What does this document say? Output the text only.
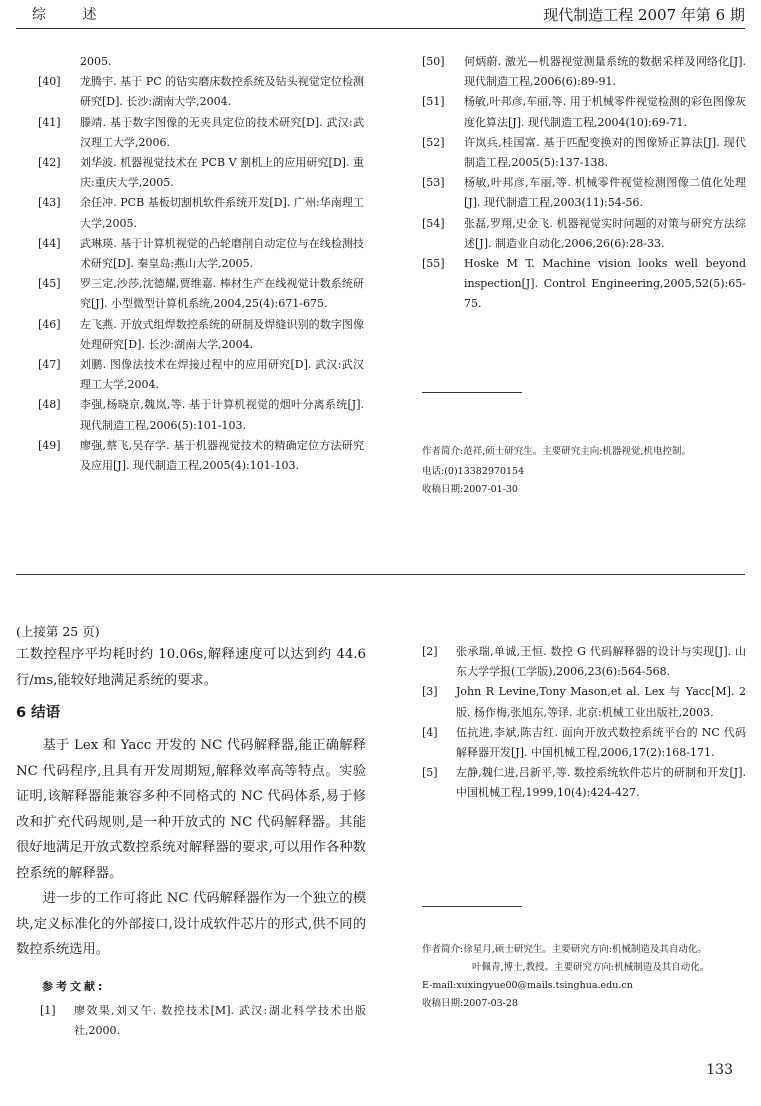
综 述	现代制造工程 2007 年第 6 期
2005.
[40] 龙腾宇. 基于 PC 的钻实磨床数控系统及钻头视觉定位检测研究[D]. 长沙:湖南大学,2004.
[41] 滕靖. 基于数字图像的无夹具定位的技术研究[D]. 武汉:武汉理工大学,2006.
[42] 刘华波. 机器视觉技术在 PCB V 割机上的应用研究[D]. 重庆:重庆大学,2005.
[43] 余任冲. PCB 基板切割机软件系统开发[D]. 广州:华南理工大学,2005.
[44] 武琳瑛. 基于计算机视觉的凸轮磨削自动定位与在线检测技术研究[D]. 秦皇岛:燕山大学,2005.
[45] 罗三定,沙莎,沈德耀,贾维嘉. 棒材生产在线视觉计数系统研究[J]. 小型微型计算机系统,2004,25(4):671-675.
[46] 左飞燕. 开放式组焊数控系统的研制及焊缝识别的数字图像处理研究[D]. 长沙:湖南大学,2004.
[47] 刘鹏. 图像法技术在焊接过程中的应用研究[D]. 武汉:武汉理工大学,2004.
[48] 李强,杨晓京,魏岚,等. 基于计算机视觉的烟叶分离系统[J]. 现代制造工程,2006(5):101-103.
[49] 廖强,蔡飞,吴存学. 基于机器视觉技术的精确定位方法研究及应用[J]. 现代制造工程,2005(4):101-103.
[50] 何炳蔚. 激光—机器视觉测量系统的数据采样及网络化[J]. 现代制造工程,2006(6):89-91.
[51] 杨敏,叶邦彦,车丽,等. 用于机械零件视觉检测的彩色图像灰度化算法[J]. 现代制造工程,2004(10):69-71.
[52] 许岚兵,桂国富. 基于匹配变换对的图像矫正算法[J]. 现代制造工程,2005(5):137-138.
[53] 杨敏,叶邦彦,车丽,等. 机械零件视觉检测图像二值化处理[J]. 现代制造工程,2003(11):54-56.
[54] 张磊,罗翔,史金飞. 机器视觉实时问题的对策与研究方法综述[J]. 制造业自动化,2006,26(6):28-33.
[55] Hoske M T. Machine vision looks well beyond inspection[J]. Control Engineering,2005,52(5):65-75.
作者简介:范祥,硕士研究生。主要研究主向:机器视觉,机电控制。
电话:(0)13382970154
收稿日期:2007-01-30
(上接第 25 页)
工数控程序平均耗时约 10.06s,解释速度可以达到约 44.6 行/ms,能较好地满足系统的要求。
6 结语
基于 Lex 和 Yacc 开发的 NC 代码解释器,能正确解释 NC 代码程序,且具有开发周期短,解释效率高等特点。实验证明,该解释器能兼容多种不同格式的 NC 代码体系,易于修改和扩充代码规则,是一种开放式的 NC 代码解释器。其能很好地满足开放式数控系统对解释器的要求,可以用作各种数控系统的解释器。
进一步的工作可将此 NC 代码解释器作为一个独立的模块,定义标准化的外部接口,设计成软件芯片的形式,供不同的数控系统选用。
参考文献:
[1] 廖效果,刘又午. 数控技术[M]. 武汉:湖北科学技术出版社,2000.
[2] 张承瑞,单诚,王恒. 数控 G 代码解释器的设计与实现[J]. 山东大学学报(工学版),2006,23(6):564-568.
[3] John R Levine,Tony Mason,et al. Lex 与 Yacc[M]. 2 版. 杨作梅,张旭东,等译. 北京:机械工业出版社,2003.
[4] 伍抗进,李斌,陈吉红. 面向开放式数控系统平台的 NC 代码解释器开发[J]. 中国机械工程,2006,17(2):168-171.
[5] 左静,魏仁进,吕新平,等. 数控系统软件芯片的研制和开发[J]. 中国机械工程,1999,10(4):424-427.
作者简介:徐星月,硕士研究生。主要研究方向:机械制造及其自动化。
叶佩青,博士,教授。主要研究方向:机械制造及其自动化。
E-mail:xuxingyue00@mails.tsinghua.edu.cn
收稿日期:2007-03-28
133
